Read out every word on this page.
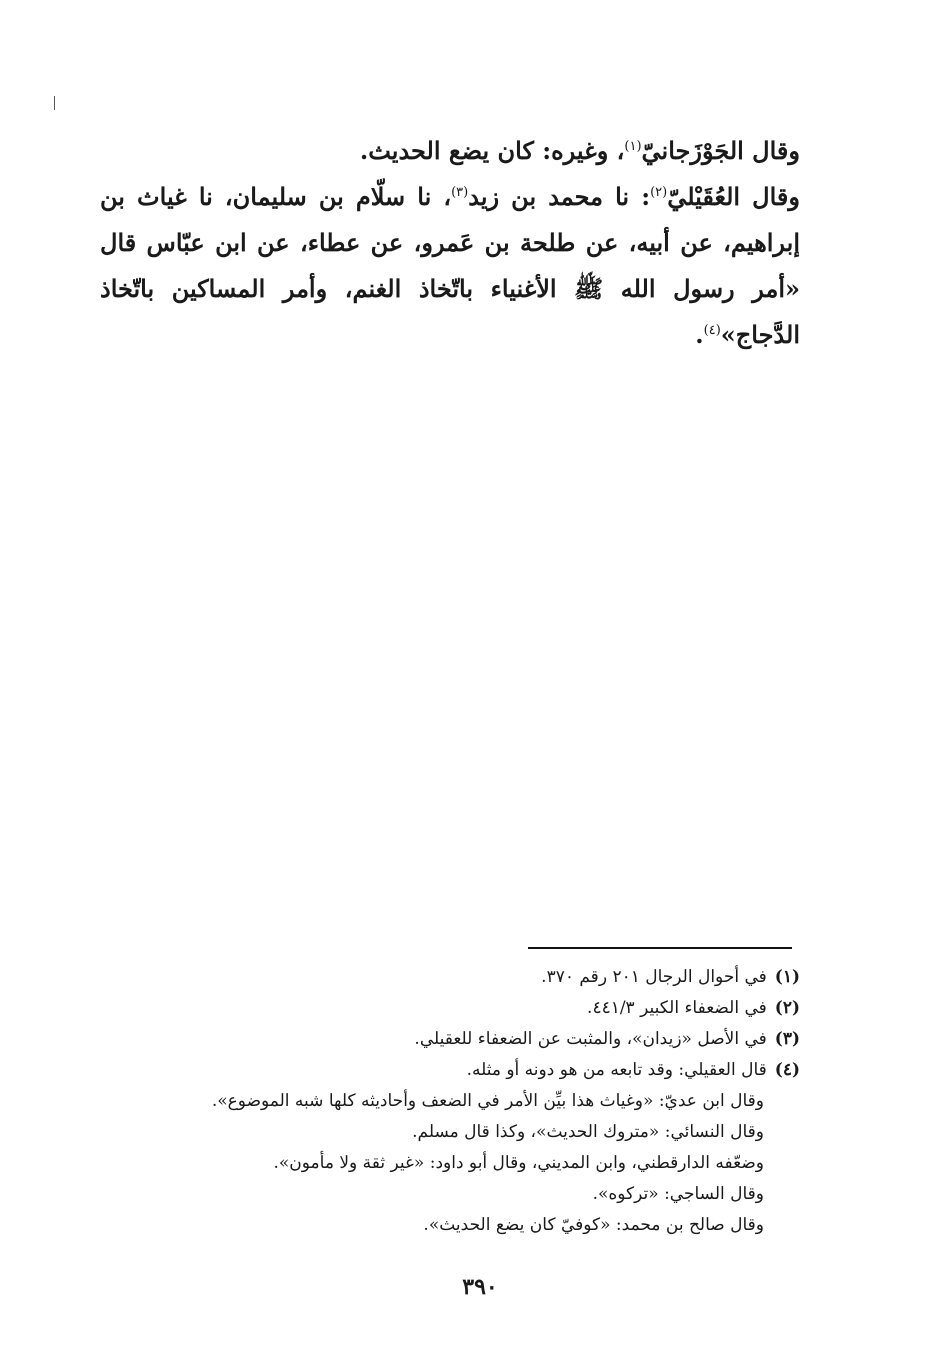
وقال الجَوْزَجانيّ$^{(١)}$، وغيره: كان يضع الحديث.

وقال العُقَيْليّ$^{(٢)}$: نا محمد بن زيد$^{(٣)}$، نا سلّام بن سليمان، نا غياث بن إبراهيم، عن أبيه، عن طلحة بن عَمرو، عن عطاء، عن ابن عبّاس قال «أمر رسول الله ﷺ الأغنياء باتّخاذ الغنم، وأمر المساكين باتّخاذ الدَّجاج»$^{(٤)}$.

(١)في أحوال الرجال ٢٠١ رقم ٣٧٠.
(٢)في الضعفاء الكبير ٤٤١/٣.
(٣)في الأصل «زيدان»، والمثبت عن الضعفاء للعقيلي.
(٤)قال العقيلي: وقد تابعه من هو دونه أو مثله.
وقال ابن عديّ: «وغياث هذا بيِّن الأمر في الضعف وأحاديثه كلها شبه الموضوع».
وقال النسائي: «متروك الحديث»، وكذا قال مسلم.
وضعّفه الدارقطني، وابن المديني، وقال أبو داود: «غير ثقة ولا مأمون».
وقال الساجي: «تركوه».
وقال صالح بن محمد: «كوفيّ كان يضع الحديث».
٣٩٠
